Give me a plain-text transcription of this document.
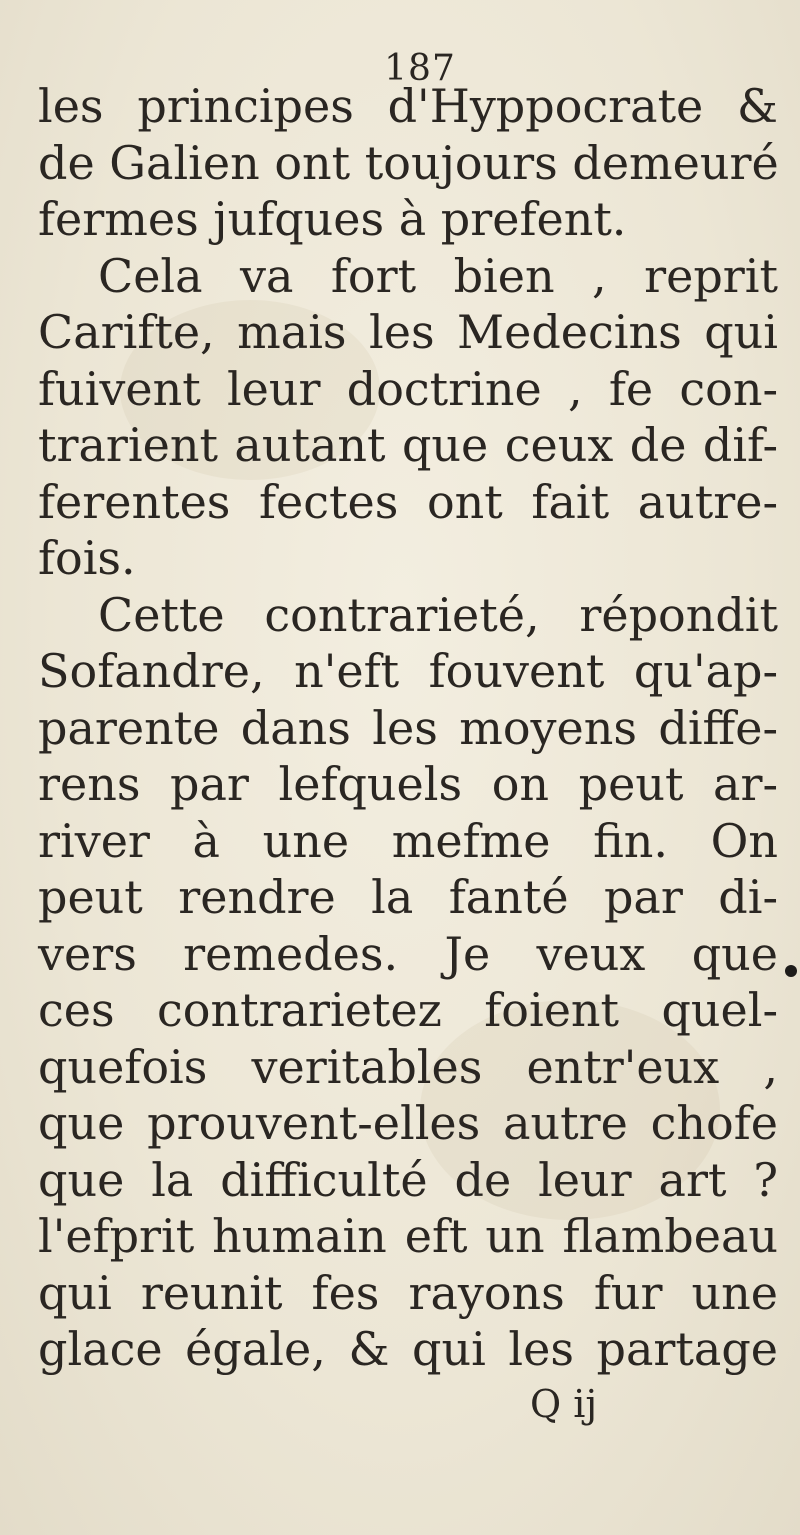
187
les principes d'Hyppocrate &
de Galien ont toujours demeuré
fermes jufques à prefent.
Cela va fort bien , reprit
Carifte, mais les Medecins qui
fuivent leur doctrine , fe con-
trarient autant que ceux de dif-
ferentes fectes ont fait autre-
fois.
Cette contrarieté, répondit
Sofandre, n'eft fouvent qu'ap-
parente dans les moyens diffe-
rens par lefquels on peut ar-
river à une mefme fin. On
peut rendre la fanté par di-
vers remedes. Je veux que
ces contrarietez foient quel-
quefois veritables entr'eux ,
que prouvent-elles autre chofe
que la difficulté de leur art ?
l'efprit humain eft un flambeau
qui reunit fes rayons fur une
glace égale, & qui les partage
Q ij
